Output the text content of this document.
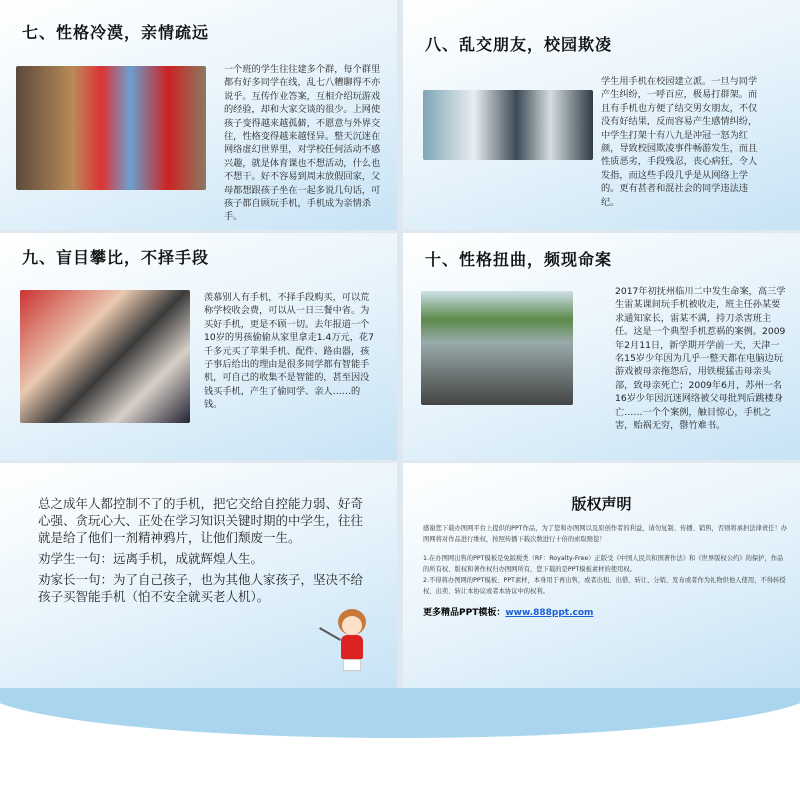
七、性格冷漠，亲情疏远
一个班的学生往往建多个群，每个群里都有好多同学在线，乱七八糟聊得不亦说乎。互传作业答案，互相介绍玩游戏的经验，却和大家交谈的很少。上网使孩子变得越来越孤僻，不愿意与外界交往，性格变得越来越怪异。整天沉迷在网络虚幻世界里，对学校任何活动不感兴趣，就是体育课也不想活动，什么也不想干。好不容易到周末放假回家，父母都想跟孩子坐在一起多说几句话，可孩子都自顾玩手机，手机成为亲情杀手。
八、乱交朋友，校园欺凌
学生用手机在校园建立派。一旦与同学产生纠纷，一呼百应，极易打群架。而且有手机也方便了结交男女朋友，不仅没有好结果，反而容易产生感情纠纷，中学生打架十有八九是冲冠一怒为红颜，导致校园欺凌事件畅游发生，而且性质恶劣，手段残忍，丧心病狂，令人发指，而这些手段几乎是从网络上学的。更有甚者和混社会的同学违法违纪。
九、盲目攀比，不择手段
羡慕别人有手机，不择手段购买，可以荒称学校收会费，可以从一日三餐中省。为买好手机，更是不顾一切。去年报道一个10岁的男孩偷偷从家里拿走1.4万元，花7千多元买了苹果手机、配件、路由器，孩子事后给出的理由是很多同学都有智能手机，可自己的收集不是智能的，甚至因没钱买手机，产生了偷同学、亲人……的钱。
十、性格扭曲，频现命案
2017年初抚州临川二中发生命案，高三学生雷某课间玩手机被收走，班主任孙某要求通知家长，雷某不满，持刀杀害班主任。这是一个典型手机惹祸的案例。2009年2月11日，新学期开学前一天，天津一名15岁少年因为几乎一整天都在电脑边玩游戏被母亲拖怨后，用铁棍猛击母亲头部，致母亲死亡；2009年6月，苏州一名16岁少年因沉迷网络被父母批判后跳楼身亡……一个个案例，触目惊心，手机之害，贻祸无穷，罄竹难书。

总之成年人都控制不了的手机，把它交给自控能力弱、好奇心强、贪玩心大、正处在学习知识关键时期的中学生，往往就是给了他们一剂精神鸦片，让他们颓废一生。

劝学生一句：远离手机，成就辉煌人生。

劝家长一句：为了自己孩子，也为其他人家孩子，坚决不给孩子买智能手机（怕不安全就买老人机）。

版权声明

感谢您下载办图网平台上提供的PPT作品，为了您和办图网以及原创作者的利益，请勿复制、传播、销售，否则将承担法律责任！办图网将对作品进行维权，按照传播下载次数进行十倍的索取赔偿！

1.在办图网出售的PPT模板是免版税类（RF：Royalty-Free）正版受《中国人民共和国著作法》和《世界版权公约》的保护，作品的所有权、版权和著作权归办图网所有，您下载的是PPT模板素材的使用权。

2.不得将办图网的PPT模板、PPT素材，本身用于再出售，或者出租、出借、转让、分销、发布或者作为礼物供他人使用，不得转授权、出卖、转让本协议或者本协议中的权利。

更多精品PPT模板：www.888ppt.com
